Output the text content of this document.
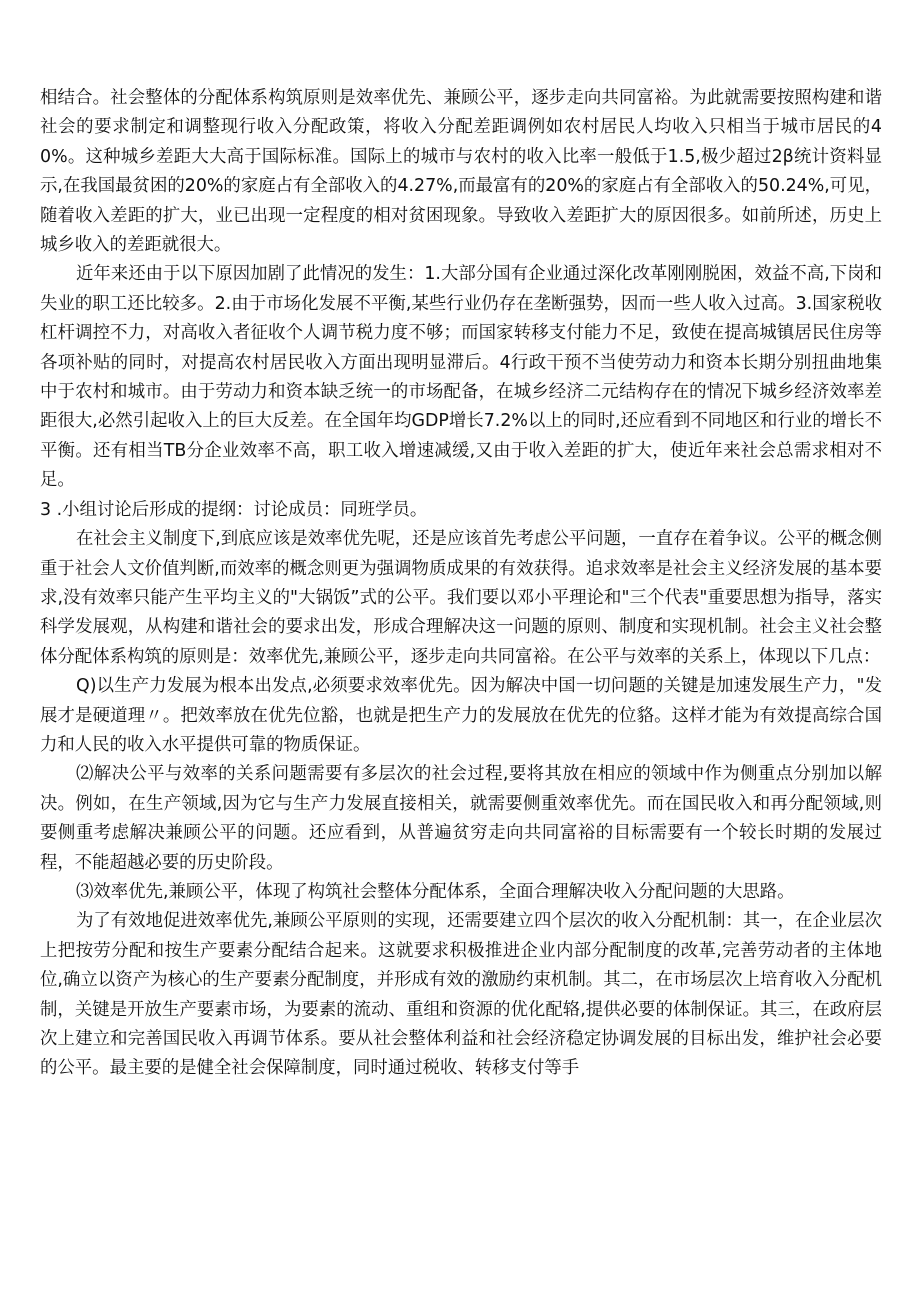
相结合。社会整体的分配体系构筑原则是效率优先、兼顾公平，逐步走向共同富裕。为此就需要按照构建和谐社会的要求制定和调整现行收入分配政策，将收入分配差距调例如农村居民人均收入只相当于城市居民的40%。这种城乡差距大大高于国际标准。国际上的城市与农村的收入比率一般低于1.5,极少超过2β统计资料显示,在我国最贫困的20%的家庭占有全部收入的4.27%,而最富有的20%的家庭占有全部收入的50.24%,可见，随着收入差距的扩大，业已出现一定程度的相对贫困现象。导致收入差距扩大的原因很多。如前所述，历史上城乡收入的差距就很大。

近年来还由于以下原因加剧了此情况的发生：1.大部分国有企业通过深化改革刚刚脱困，效益不高,下岗和失业的职工还比较多。2.由于市场化发展不平衡,某些行业仍存在垄断强势，因而一些人收入过高。3.国家税收杠杆调控不力，对高收入者征收个人调节税力度不够；而国家转移支付能力不足，致使在提高城镇居民住房等各项补贴的同时，对提高农村居民收入方面出现明显滞后。4行政干预不当使劳动力和资本长期分别扭曲地集中于农村和城市。由于劳动力和资本缺乏统一的市场配备，在城乡经济二元结构存在的情况下城乡经济效率差距很大,必然引起收入上的巨大反差。在全国年均GDP增长7.2%以上的同时,还应看到不同地区和行业的增长不平衡。还有相当TB分企业效率不高，职工收入增速减缓,又由于收入差距的扩大，使近年来社会总需求相对不足。

3 .小组讨论后形成的提纲：讨论成员：同班学员。

在社会主义制度下,到底应该是效率优先呢，还是应该首先考虑公平问题，一直存在着争议。公平的概念侧重于社会人文价值判断,而效率的概念则更为强调物质成果的有效获得。追求效率是社会主义经济发展的基本要求,没有效率只能产生平均主义的"大锅饭”式的公平。我们要以邓小平理论和"三个代表"重要思想为指导，落实科学发展观，从构建和谐社会的要求出发，形成合理解决这一问题的原则、制度和实现机制。社会主义社会整体分配体系构筑的原则是：效率优先,兼顾公平，逐步走向共同富裕。在公平与效率的关系上，体现以下几点：

Q)以生产力发展为根本出发点,必须要求效率优先。因为解决中国一切问题的关键是加速发展生产力，"发展才是硬道理〃。把效率放在优先位豁，也就是把生产力的发展放在优先的位貉。这样才能为有效提高综合国力和人民的收入水平提供可靠的物质保证。

⑵解决公平与效率的关系问题需要有多层次的社会过程,要将其放在相应的领域中作为侧重点分别加以解决。例如，在生产领域,因为它与生产力发展直接相关，就需要侧重效率优先。而在国民收入和再分配领域,则要侧重考虑解决兼顾公平的问题。还应看到，从普遍贫穷走向共同富裕的目标需要有一个较长时期的发展过程，不能超越必要的历史阶段。

⑶效率优先,兼顾公平，体现了构筑社会整体分配体系，全面合理解决收入分配问题的大思路。

为了有效地促进效率优先,兼顾公平原则的实现，还需要建立四个层次的收入分配机制：其一，在企业层次上把按劳分配和按生产要素分配结合起来。这就要求积极推进企业内部分配制度的改革,完善劳动者的主体地位,确立以资产为核心的生产要素分配制度，并形成有效的激励约束机制。其二，在市场层次上培育收入分配机制，关键是开放生产要素市场，为要素的流动、重组和资源的优化配辂,提供必要的体制保证。其三，在政府层次上建立和完善国民收入再调节体系。要从社会整体利益和社会经济稳定协调发展的目标出发，维护社会必要的公平。最主要的是健全社会保障制度，同时通过税收、转移支付等手
